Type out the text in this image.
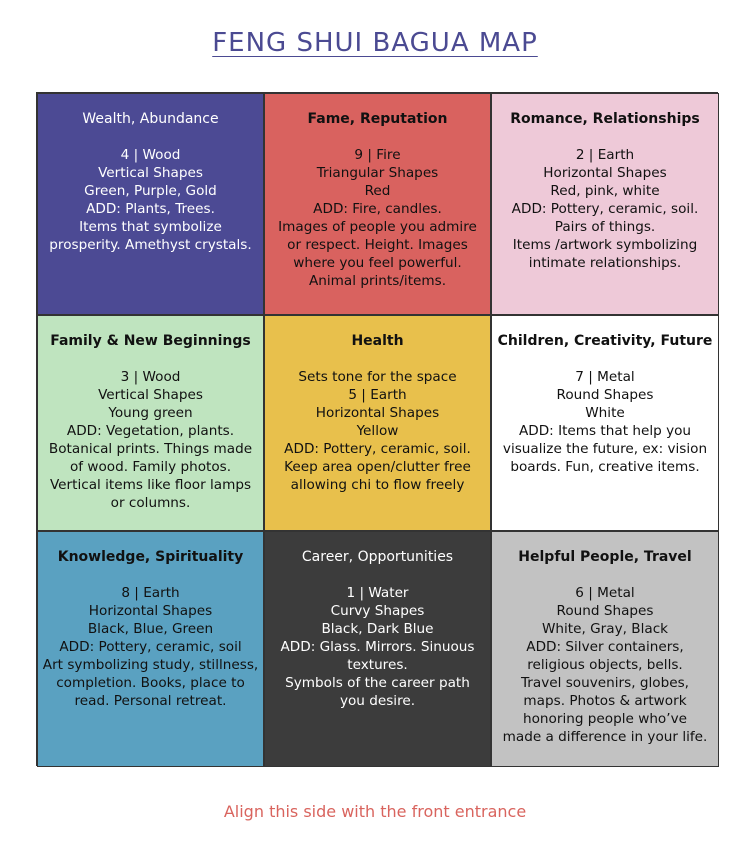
FENG SHUI BAGUA MAP
Wealth, Abundance
4 | Wood
Vertical Shapes
Green, Purple, Gold
ADD: Plants, Trees.
Items that symbolize
prosperity. Amethyst crystals.
Fame, Reputation
9 | Fire
Triangular Shapes
Red
ADD: Fire, candles.
Images of people you admire
or respect. Height. Images
where you feel powerful.
Animal prints/items.
Romance, Relationships
2 | Earth
Horizontal Shapes
Red, pink, white
ADD: Pottery, ceramic, soil.
Pairs of things.
Items /artwork symbolizing
intimate relationships.
Family & New Beginnings
3 | Wood
Vertical Shapes
Young green
ADD: Vegetation, plants.
Botanical prints. Things made
of wood. Family photos.
Vertical items like floor lamps
or columns.
Health
Sets tone for the space
5 | Earth
Horizontal Shapes
Yellow
ADD: Pottery, ceramic, soil.
Keep area open/clutter free
allowing chi to flow freely
Children, Creativity, Future
7 | Metal
Round Shapes
White
ADD: Items that help you
visualize the future, ex: vision
boards. Fun, creative items.
Knowledge, Spirituality
8 | Earth
Horizontal Shapes
Black, Blue, Green
ADD: Pottery, ceramic, soil
Art symbolizing study, stillness,
completion. Books, place to
read. Personal retreat.
Career, Opportunities
1 | Water
Curvy Shapes
Black, Dark Blue
ADD: Glass. Mirrors. Sinuous
textures.
Symbols of the career path
you desire.
Helpful People, Travel
6 | Metal
Round Shapes
White, Gray, Black
ADD: Silver containers,
religious objects, bells.
Travel souvenirs, globes,
maps. Photos & artwork
honoring people who’ve
made a difference in your life.
Align this side with the front entrance
